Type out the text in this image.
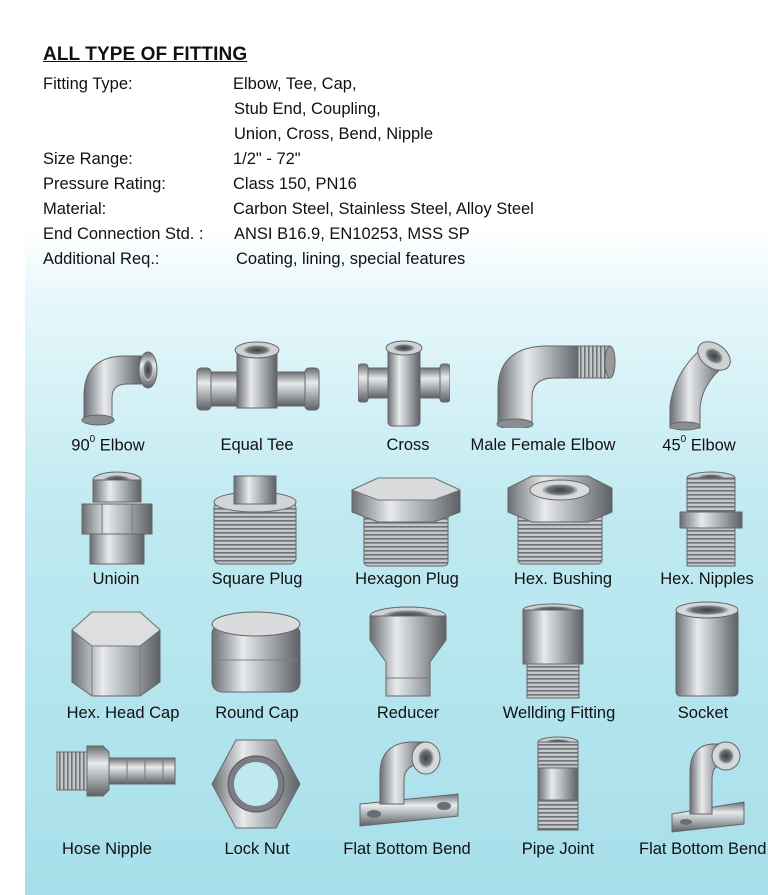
ALL TYPE OF FITTING
Fitting Type:	Elbow, Tee, Cap,
Stub End, Coupling,
Union, Cross, Bend, Nipple
Size Range:	1/2" - 72"
Pressure Rating:	Class 150, PN16
Material:	Carbon Steel, Stainless Steel, Alloy Steel
End Connection Std. : ANSI B16.9, EN10253, MSS SP
Additional Req.:	Coating, lining, special features
$90^0$ Elbow	Equal Tee	Cross Male Female Elbow	$45^0$ Elbow
Unioin	Square Plug	Hexagon Plug	Hex. Bushing	Hex. Nipples
Hex. Head Cap Round Cap	Reducer	Wellding Fitting	Socket
Hose Nipple	Lock Nut	Flat Bottom Bend	Pipe Joint	Flat Bottom Bend
